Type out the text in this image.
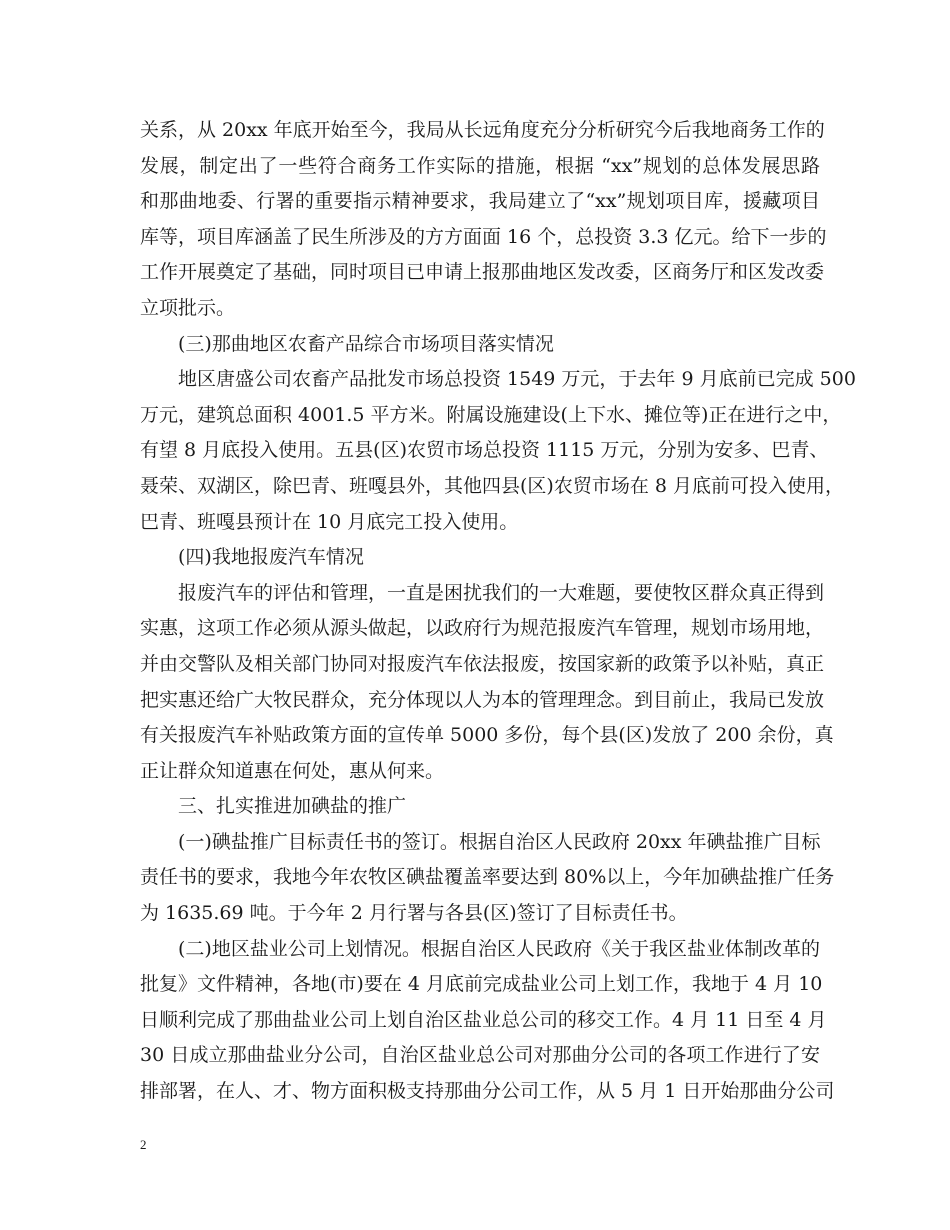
关系，从 20xx 年底开始至今，我局从长远角度充分分析研究今后我地商务工作的
发展，制定出了一些符合商务工作实际的措施，根据 “xx”规划的总体发展思路
和那曲地委、行署的重要指示精神要求，我局建立了“xx”规划项目库，援藏项目
库等，项目库涵盖了民生所涉及的方方面面 16 个，总投资 3.3 亿元。给下一步的
工作开展奠定了基础，同时项目已申请上报那曲地区发改委，区商务厅和区发改委
立项批示。
(三)那曲地区农畜产品综合市场项目落实情况
地区唐盛公司农畜产品批发市场总投资 1549 万元，于去年 9 月底前已完成 500
万元，建筑总面积 4001.5 平方米。附属设施建设(上下水、摊位等)正在进行之中，
有望 8 月底投入使用。五县(区)农贸市场总投资 1115 万元，分别为安多、巴青、
聂荣、双湖区，除巴青、班嘎县外，其他四县(区)农贸市场在 8 月底前可投入使用，
巴青、班嘎县预计在 10 月底完工投入使用。
(四)我地报废汽车情况
报废汽车的评估和管理，一直是困扰我们的一大难题，要使牧区群众真正得到
实惠，这项工作必须从源头做起，以政府行为规范报废汽车管理，规划市场用地，
并由交警队及相关部门协同对报废汽车依法报废，按国家新的政策予以补贴，真正
把实惠还给广大牧民群众，充分体现以人为本的管理理念。到目前止，我局已发放
有关报废汽车补贴政策方面的宣传单 5000 多份，每个县(区)发放了 200 余份，真
正让群众知道惠在何处，惠从何来。
三、扎实推进加碘盐的推广
(一)碘盐推广目标责任书的签订。根据自治区人民政府 20xx 年碘盐推广目标
责任书的要求，我地今年农牧区碘盐覆盖率要达到 80%以上，今年加碘盐推广任务
为 1635.69 吨。于今年 2 月行署与各县(区)签订了目标责任书。
(二)地区盐业公司上划情况。根据自治区人民政府《关于我区盐业体制改革的
批复》文件精神，各地(市)要在 4 月底前完成盐业公司上划工作，我地于 4 月 10
日顺利完成了那曲盐业公司上划自治区盐业总公司的移交工作。4 月 11 日至 4 月
30 日成立那曲盐业分公司，自治区盐业总公司对那曲分公司的各项工作进行了安
排部署，在人、才、物方面积极支持那曲分公司工作，从 5 月 1 日开始那曲分公司
2
